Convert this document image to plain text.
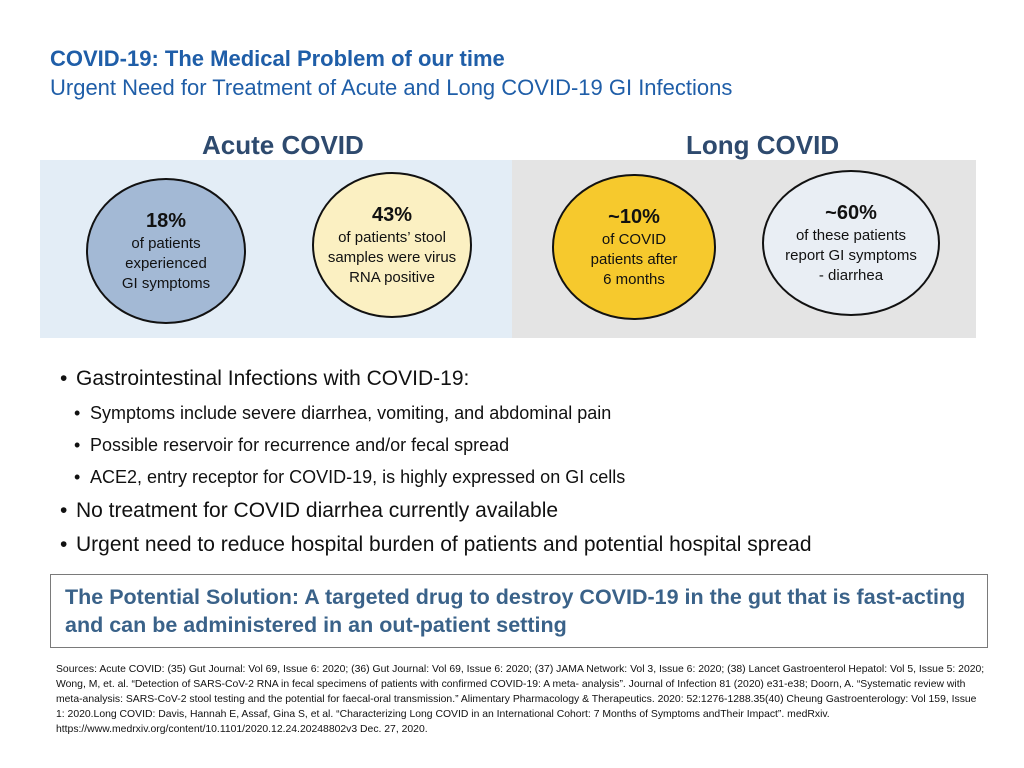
COVID-19: The Medical Problem of our time
Urgent Need for Treatment of Acute and Long COVID-19 GI Infections
Acute COVID	Long COVID
18%
of patients
experienced
GI symptoms
43%
of patients’ stool
samples were virus
RNA positive
~10%
of COVID
patients after
6 months
~60%
of these patients
report GI symptoms
- diarrhea
• Gastrointestinal Infections with COVID-19:
• Symptoms include severe diarrhea, vomiting, and abdominal pain
• Possible reservoir for recurrence and/or fecal spread
• ACE2, entry receptor for COVID-19, is highly expressed on GI cells
• No treatment for COVID diarrhea currently available
• Urgent need to reduce hospital burden of patients and potential hospital spread
The Potential Solution: A targeted drug to destroy COVID-19 in the gut that is fast-acting and can be administered in an out-patient setting
Sources: Acute COVID: (35) Gut Journal: Vol 69, Issue 6: 2020; (36) Gut Journal: Vol 69, Issue 6: 2020; (37) JAMA Network: Vol 3, Issue 6: 2020; (38) Lancet Gastroenterol Hepatol: Vol 5, Issue 5: 2020; Wong, M, et. al. “Detection of SARS-CoV-2 RNA in fecal specimens of patients with confirmed COVID-19: A meta- analysis”. Journal of Infection 81 (2020) e31-e38; Doorn, A. “Systematic review with meta-analysis: SARS-CoV-2 stool testing and the potential for faecal-oral transmission.” Alimentary Pharmacology & Therapeutics. 2020: 52:1276-1288.35(40) Cheung Gastroenterology: Vol 159, Issue 1: 2020.Long COVID: Davis, Hannah E, Assaf, Gina S, et al. “Characterizing Long COVID in an International Cohort: 7 Months of Symptoms andTheir Impact”. medRxiv. https://www.medrxiv.org/content/10.1101/2020.12.24.20248802v3 Dec. 27, 2020.
